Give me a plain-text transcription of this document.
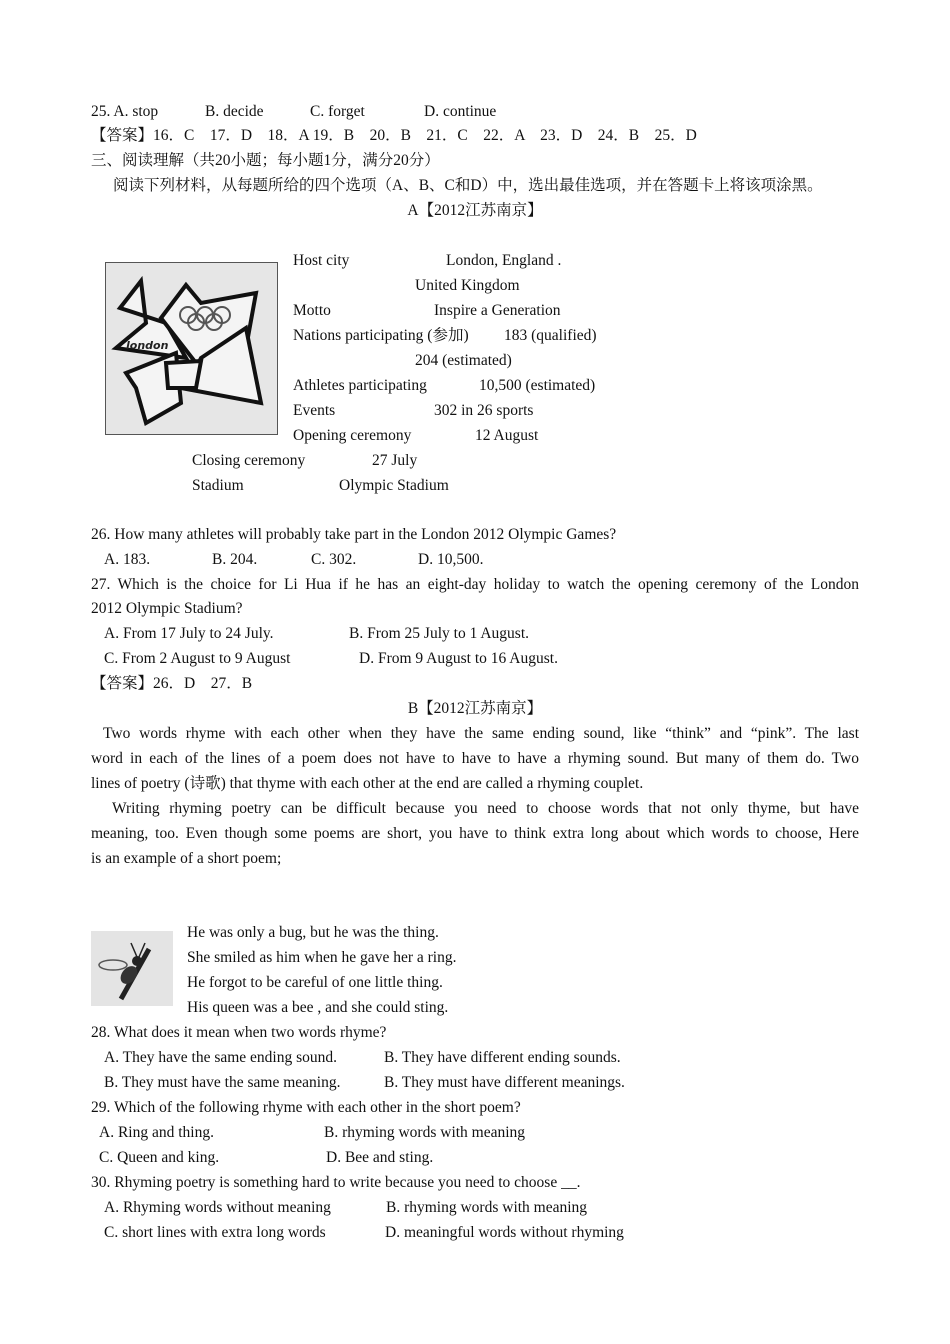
25. A. stop	B. decide	C. forget	D. continue
【答案】16．C　17．D　18．A 19．B　20．B　21．C　22．A　23．D　24．B　25．D
三、阅读理解（共20小题；每小题1分，满分20分）
阅读下列材料，从每题所给的四个选项（A、B、C和D）中，选出最佳选项，并在答题卡上将该项涂黑。
A【2012江苏南京】
london
Host city	London, England .
United Kingdom
Motto	Inspire a Generation
Nations participating (参加) 183 (qualified)
204 (estimated)
Athletes participating	10,500 (estimated)
Events	302 in 26 sports
Opening ceremony	12 August
Closing ceremony	27 July
Stadium	Olympic Stadium
26. How many athletes will probably take part in the London 2012 Olympic Games?
A. 183.	B. 204.	C. 302.	D. 10,500.
27. Which is the choice for Li Hua if he has an eight-day holiday to watch the opening ceremony of the London
2012 Olympic Stadium?
A. From 17 July to 24 July.	B. From 25 July to 1 August.
C. From 2 August to 9 August	D. From 9 August to 16 August.
【答案】26．D　27．B
B【2012江苏南京】
Two words rhyme with each other when they have the same ending sound, like “think” and “pink”. The last
word in each of the lines of a poem does not have to have to have a rhyming sound. But many of them do. Two
lines of poetry (诗歌) that thyme with each other at the end are called a rhyming couplet.
Writing rhyming poetry can be difficult because you need to choose words that not only thyme, but have
meaning, too. Even though some poems are short, you have to think extra long about which words to choose, Here
is an example of a short poem;
He was only a bug, but he was the thing.
She smiled as him when he gave her a ring.
He forgot to be careful of one little thing.
His queen was a bee , and she could sting.
28. What does it mean when two words rhyme?
A. They have the same ending sound.	B. They have different ending sounds.
B. They must have the same meaning.	B. They must have different meanings.
29. Which of the following rhyme with each other in the short poem?
A. Ring and thing.	B. rhyming words with meaning
C. Queen and king.	D. Bee and sting.
30. Rhyming poetry is something hard to write because you need to choose __.
A. Rhyming words without meaning	B. rhyming words with meaning
C. short lines with extra long words	D. meaningful words without rhyming
